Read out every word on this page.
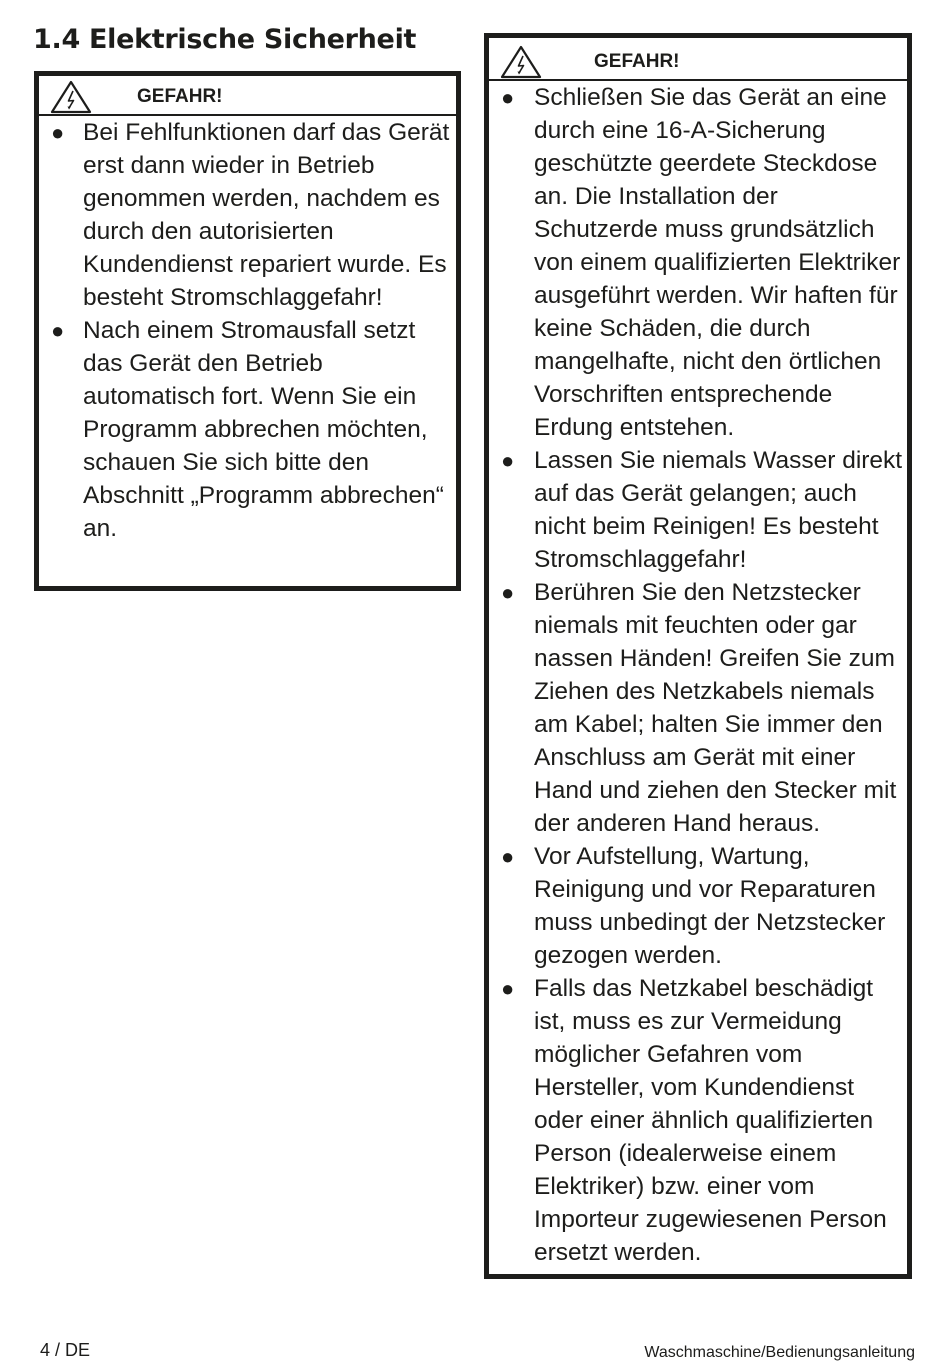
1.4 Elektrische Sicherheit
GEFAHR!
● Bei Fehlfunktionen darf das Gerät erst dann wieder in Betrieb genommen werden, nachdem es durch den autorisierten Kundendienst repariert wurde. Es besteht Stromschlaggefahr!
● Nach einem Stromausfall setzt das Gerät den Betrieb automatisch fort. Wenn Sie ein Programm abbrechen möchten, schauen Sie sich bitte den Abschnitt „Programm abbrechen“ an.
GEFAHR!
● Schließen Sie das Gerät an eine durch eine 16-A-Sicherung geschützte geerdete Steckdose an. Die Installation der Schutzerde muss grundsätzlich von einem qualifizierten Elektriker ausgeführt werden. Wir haften für keine Schäden, die durch mangelhafte, nicht den örtlichen Vorschriften entsprechende Erdung entstehen.
● Lassen Sie niemals Wasser direkt auf das Gerät gelangen; auch nicht beim Reinigen! Es besteht Stromschlaggefahr!
● Berühren Sie den Netzstecker niemals mit feuchten oder gar nassen Händen! Greifen Sie zum Ziehen des Netzkabels niemals am Kabel; halten Sie immer den Anschluss am Gerät mit einer Hand und ziehen den Stecker mit der anderen Hand heraus.
● Vor Aufstellung, Wartung, Reinigung und vor Reparaturen muss unbedingt der Netzstecker gezogen werden.
● Falls das Netzkabel beschädigt ist, muss es zur Vermeidung möglicher Gefahren vom Hersteller, vom Kundendienst oder einer ähnlich qualifizierten Person (idealerweise einem Elektriker) bzw. einer vom Importeur zugewiesenen Person ersetzt werden.
4 / DE	Waschmaschine/Bedienungsanleitung
